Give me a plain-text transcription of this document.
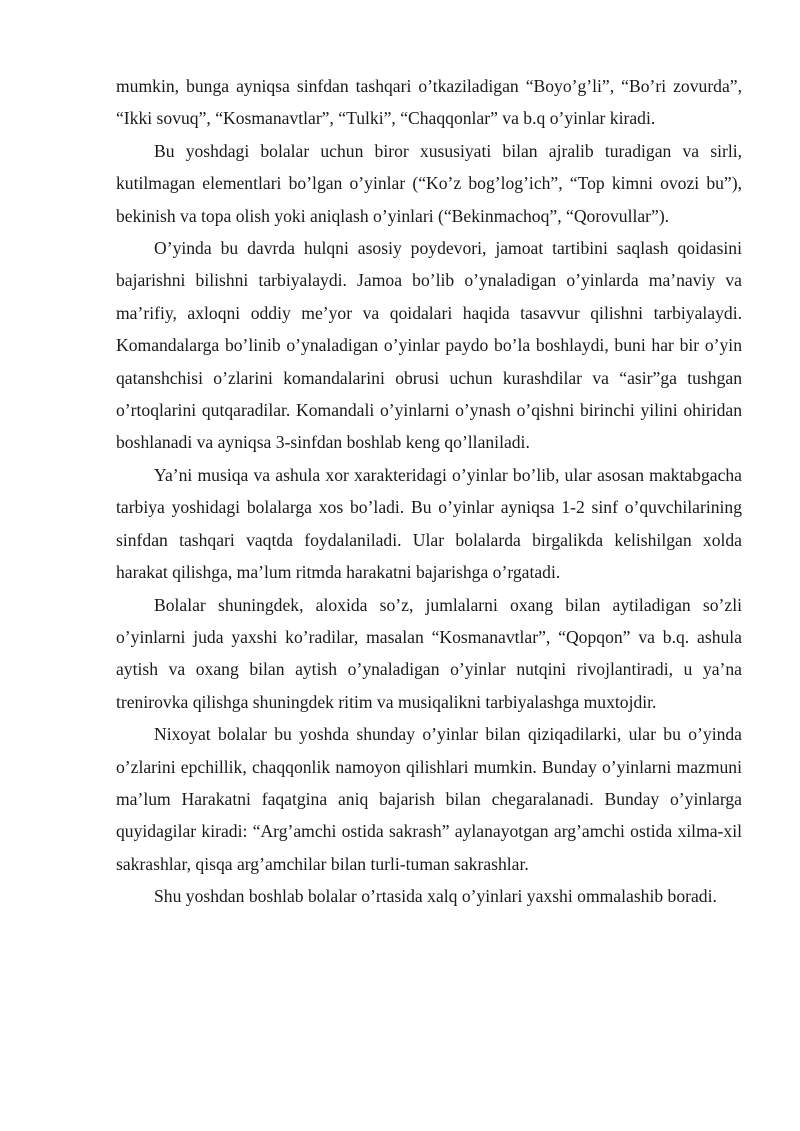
mumkin, bunga ayniqsa sinfdan tashqari o’tkaziladigan “Boyo’g’li”, “Bo’ri zovurda”, “Ikki sovuq”, “Kosmanavtlar”, “Tulki”, “Chaqqonlar” va b.q o’yinlar kiradi.

Bu yoshdagi bolalar uchun biror xususiyati bilan ajralib turadigan va sirli, kutilmagan elementlari bo’lgan o’yinlar (“Ko’z bog’log’ich”, “Top kimni ovozi bu”), bekinish va topa olish yoki aniqlash o’yinlari (“Bekinmachoq”, “Qorovullar”).

O’yinda bu davrda hulqni asosiy poydevori, jamoat tartibini saqlash qoidasini bajarishni bilishni tarbiyalaydi. Jamoa bo’lib o’ynaladigan o’yinlarda ma’naviy va ma’rifiy, axloqni oddiy me’yor va qoidalari haqida tasavvur qilishni tarbiyalaydi. Komandalarga bo’linib o’ynaladigan o’yinlar paydo bo’la boshlaydi, buni har bir o’yin qatanshchisi o’zlarini komandalarini obrusi uchun kurashdilar va “asir”ga tushgan o’rtoqlarini qutqaradilar. Komandali o’yinlarni o’ynash o’qishni birinchi yilini ohiridan boshlanadi va ayniqsa 3-sinfdan boshlab keng qo’llaniladi.

Ya’ni musiqa va ashula xor xarakteridagi o’yinlar bo’lib, ular asosan maktabgacha tarbiya yoshidagi bolalarga xos bo’ladi. Bu o’yinlar ayniqsa 1-2 sinf o’quvchilarining sinfdan tashqari vaqtda foydalaniladi. Ular bolalarda birgalikda kelishilgan xolda harakat qilishga, ma’lum ritmda harakatni bajarishga o’rgatadi.

Bolalar shuningdek, aloxida so’z, jumlalarni oxang bilan aytiladigan so’zli o’yinlarni juda yaxshi ko’radilar, masalan “Kosmanavtlar”, “Qopqon” va b.q. ashula aytish va oxang bilan aytish o’ynaladigan o’yinlar nutqini rivojlantiradi, u ya’na trenirovka qilishga shuningdek ritim va musiqalikni tarbiyalashga muxtojdir.

Nixoyat bolalar bu yoshda shunday o’yinlar bilan qiziqadilarki, ular bu o’yinda o’zlarini epchillik, chaqqonlik namoyon qilishlari mumkin. Bunday o’yinlarni mazmuni ma’lum Harakatni faqatgina aniq bajarish bilan chegaralanadi. Bunday o’yinlarga quyidagilar kiradi: “Arg’amchi ostida sakrash” aylanayotgan arg’amchi ostida xilma-xil sakrashlar, qisqa arg’amchilar bilan turli-tuman sakrashlar.

Shu yoshdan boshlab bolalar o’rtasida xalq o’yinlari yaxshi ommalashib boradi.
